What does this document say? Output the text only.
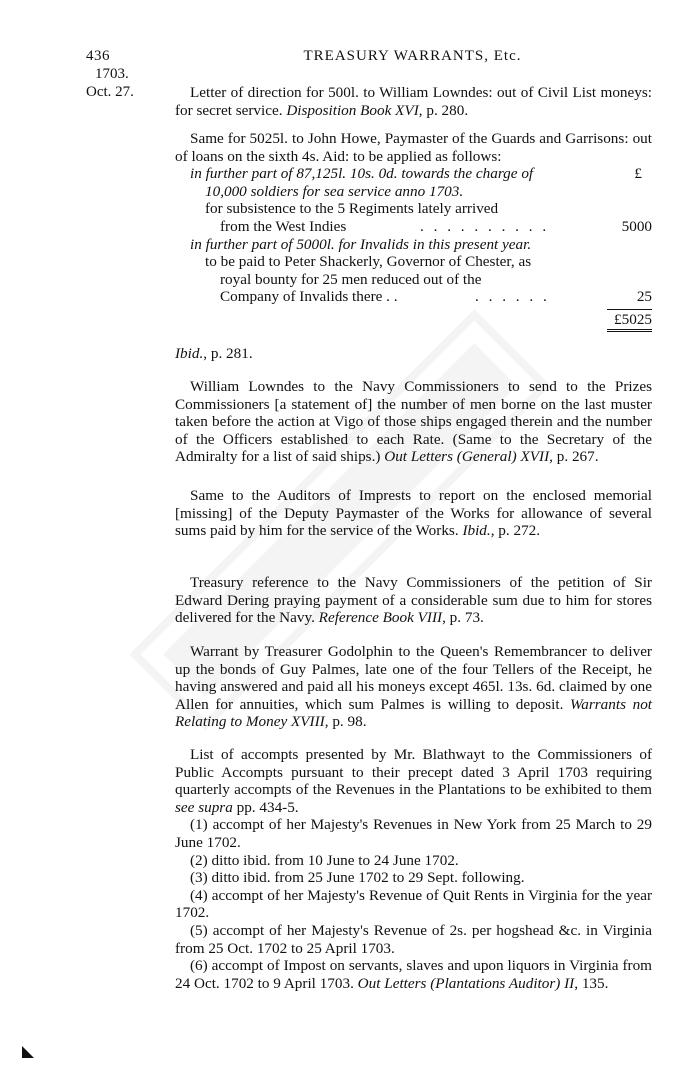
436	TREASURY WARRANTS, Etc.
1703.
Oct. 27.	Letter of direction for 500l. to William Lowndes: out of Civil List moneys: for secret service. Disposition Book XVI, p. 280.

Same for 5025l. to John Howe, Paymaster of the Guards and Garrisons: out of loans on the sixth 4s. Aid: to be applied as follows:
in further part of 87,125l. 10s. 0d. towards the charge of	£
10,000 soldiers for sea service anno 1703.
for subsistence to the 5 Regiments lately arrived
from the West Indies	. . . . . . . . . .	5000
in further part of 5000l. for Invalids in this present year.
to be paid to Peter Shackerly, Governor of Chester, as
royal bounty for 25 men reduced out of the
Company of Invalids there . .	. . . . . .	25
£5025
Ibid., p. 281.

William Lowndes to the Navy Commissioners to send to the Prizes Commissioners [a statement of] the number of men borne on the last muster taken before the action at Vigo of those ships engaged therein and the number of the Officers established to each Rate. (Same to the Secretary of the Admiralty for a list of said ships.) Out Letters (General) XVII, p. 267.

Same to the Auditors of Imprests to report on the enclosed memorial [missing] of the Deputy Paymaster of the Works for allowance of several sums paid by him for the service of the Works. Ibid., p. 272.

Treasury reference to the Navy Commissioners of the petition of Sir Edward Dering praying payment of a considerable sum due to him for stores delivered for the Navy. Reference Book VIII, p. 73.

Warrant by Treasurer Godolphin to the Queen's Remembrancer to deliver up the bonds of Guy Palmes, late one of the four Tellers of the Receipt, he having answered and paid all his moneys except 465l. 13s. 6d. claimed by one Allen for annuities, which sum Palmes is willing to deposit. Warrants not Relating to Money XVIII, p. 98.

List of accompts presented by Mr. Blathwayt to the Commissioners of Public Accompts pursuant to their precept dated 3 April 1703 requiring quarterly accompts of the Revenues in the Plantations to be exhibited to them see supra pp. 434-5.

(1) accompt of her Majesty's Revenues in New York from 25 March to 29 June 1702.

(2) ditto ibid. from 10 June to 24 June 1702.

(3) ditto ibid. from 25 June 1702 to 29 Sept. following.

(4) accompt of her Majesty's Revenue of Quit Rents in Virginia for the year 1702.

(5) accompt of her Majesty's Revenue of 2s. per hogshead &c. in Virginia from 25 Oct. 1702 to 25 April 1703.

(6) accompt of Impost on servants, slaves and upon liquors in Virginia from 24 Oct. 1702 to 9 April 1703. Out Letters (Plantations Auditor) II, 135.
